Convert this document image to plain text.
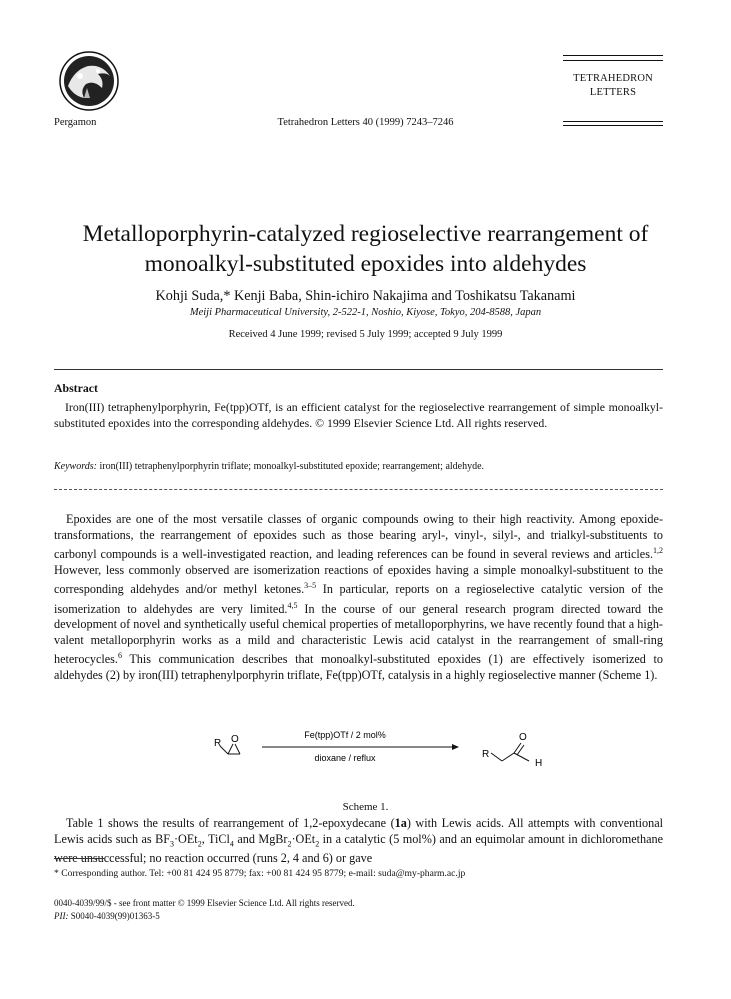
Pergamon	Tetrahedron Letters 40 (1999) 7243–7246
TETRAHEDRON
LETTERS
Metalloporphyrin-catalyzed regioselective rearrangement of
monoalkyl-substituted epoxides into aldehydes
Kohji Suda,* Kenji Baba, Shin-ichiro Nakajima and Toshikatsu Takanami
Meiji Pharmaceutical University, 2-522-1, Noshio, Kiyose, Tokyo, 204-8588, Japan
Received 4 June 1999; revised 5 July 1999; accepted 9 July 1999
Abstract
Iron(III) tetraphenylporphyrin, Fe(tpp)OTf, is an efficient catalyst for the regioselective rearrangement of simple monoalkyl-substituted epoxides into the corresponding aldehydes. © 1999 Elsevier Science Ltd. All rights reserved.
Keywords: iron(III) tetraphenylporphyrin triflate; monoalkyl-substituted epoxide; rearrangement; aldehyde.
Epoxides are one of the most versatile classes of organic compounds owing to their high reactivity. Among epoxide-transformations, the rearrangement of epoxides such as those bearing aryl-, vinyl-, silyl-, and trialkyl-substituents to carbonyl compounds is a well-investigated reaction, and leading references can be found in several reviews and articles.$^{1,2}$ However, less commonly observed are isomerization reactions of epoxides having a simple monoalkyl-substituent to the corresponding aldehydes and/or methyl ketones.$^{3-5}$ In particular, reports on a regioselective catalytic version of the isomerization to aldehydes are very limited.$^{4,5}$ In the course of our general research program directed toward the development of novel and synthetically useful chemical properties of metalloporphyrins, we have recently found that a high-valent metalloporphyrin works as a mild and characteristic Lewis acid catalyst in the rearrangement of small-ring heterocycles.$^6$ This communication describes that monoalkyl-substituted epoxides (1) are effectively isomerized to aldehydes (2) by iron(III) tetraphenylporphyrin triflate, Fe(tpp)OTf, catalysis in a highly regioselective manner (Scheme 1).
R O	Fe(tpp)OTf / 2 mol%
dioxane / reflux	R
O
H
Scheme 1.
Table 1 shows the results of rearrangement of 1,2-epoxydecane (1a) with Lewis acids. All attempts with conventional Lewis acids such as $BF_3\cdot OEt_2$, TiCl$_4$ and MgBr$_2$·OEt$_2$ in a catalytic (5 mol%) and an equimolar amount in dichloromethane were unsuccessful; no reaction occurred (runs 2, 4 and 6) or gave
* Corresponding author. Tel: +00 81 424 95 8779; fax: +00 81 424 95 8779; e-mail: suda@my-pharm.ac.jp
0040-4039/99/$ - see front matter © 1999 Elsevier Science Ltd. All rights reserved.
PII: S0040-4039(99)01363-5
